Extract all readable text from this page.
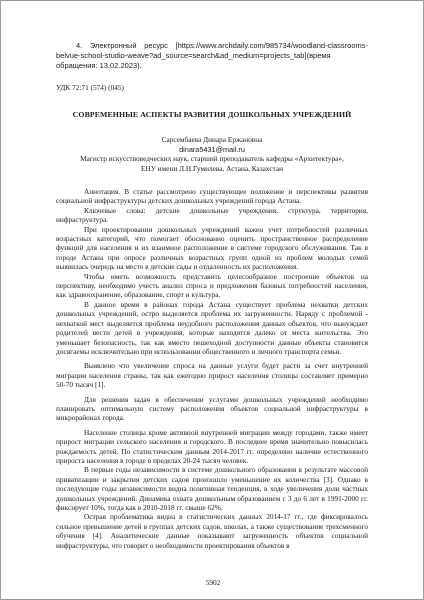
4. Электронный ресурс [https://www.archdaily.com/985734/woodland-classrooms-belvue-school-studio-weave?ad_source=search&ad_medium=projects_tab](время обращения: 13.02.2023).

УДК 72:71 (574) (045)

СОВРЕМЕННЫЕ АСПЕКТЫ РАЗВИТИЯ ДОШКОЛЬНЫХ УЧРЕЖДЕНИЙ
Сарсембаева Динара Ержановна
dinara5431@mail.ru
Магистр искусствоведческих наук, старший преподаватель кафедры «Архитектура»,
ЕНУ имени Л.Н.Гумилева, Астана, Казахстан

Аннотация. В статье рассмотрено существующее положение и перспективы развития социальной инфраструктуры детских дошкольных учреждений города Астана.

Ключевые слова: детские дошкольные учреждения, структура, территория, инфраструктура.

При проектировании дошкольных учреждений важен учет потребностей различных возрастных категорий, что помогает обоснованно оценить пространственное распределение функций для населения и их взаимное расположение в системе городского обслуживания. Так в городе Астана при опросе различных возрастных групп одной из проблем молодых семей выявилась очередь на место в детские сады и отдаленность их расположения.

Чтобы иметь возможность представить целесообразное построение объектов на перспективу, необходимо учесть анализ спроса и предложения базовых потребностей населения, как здравоохранение, образование, спорт и культура.

В данное время в районах города Астана существует проблема нехватки детских дошкольных учреждений, остро выделяется проблема их загруженности. Наряду с проблемой - нехваткой мест выделяется проблема неудобного расположения данных объектов, что вынуждает родителей вести детей в учреждения, которые находятся далеко от места жительства. Это уменьшает безопасность, так как вместо пешеходной доступности данные объекты становятся досягаемы исключительно при использовании общественного и личного транспорта семьи.

Выявлено что увеличение спроса на данные услуги будет расти за счет внутренней миграции населения страны, так как ежегодно прирост населения столицы составляет примерно 50-70 тысяч [1].

Для решения задач в обеспечении услугами дошкольных учреждений необходимо планировать оптимальную систему расположения объектов социальной инфраструктуры в микрорайонах города.

Население столицы кроме активной внутренней миграции между городами, также имеет прирост миграции сельского населения и городского. В последнее время значительно повысилась рождаемость детей. По статистическим данным 2014-2017 гг. определено наличие естественного прироста населения в городе в пределах 20-24 тысяч человек.

В первые годы независимости в системе дошкольного образования в результате массовой приватизации и закрытия детских садов произошло уменьшение их количества [3]. Однако в последующие годы независимости видна позитивная тенденция, в ходе увеличения доли частных дошкольных учреждений. Динамика охвата дошкольным образованием с 3 до 6 лет в 1991-2000 гг. фиксирует 10%, тогда как в 2010-2018 гг. свыше 62%.

Острая проблематика видна в статистических данных 2014-17 гг., где фиксировалось сильное превышение детей в группах детских садов, школах, а также существование трехсменного обучения [4]. Аналитические данные показывают загруженность объектов социальной инфраструктуры, что говорит о необходимости проектирования объектов в

5902
